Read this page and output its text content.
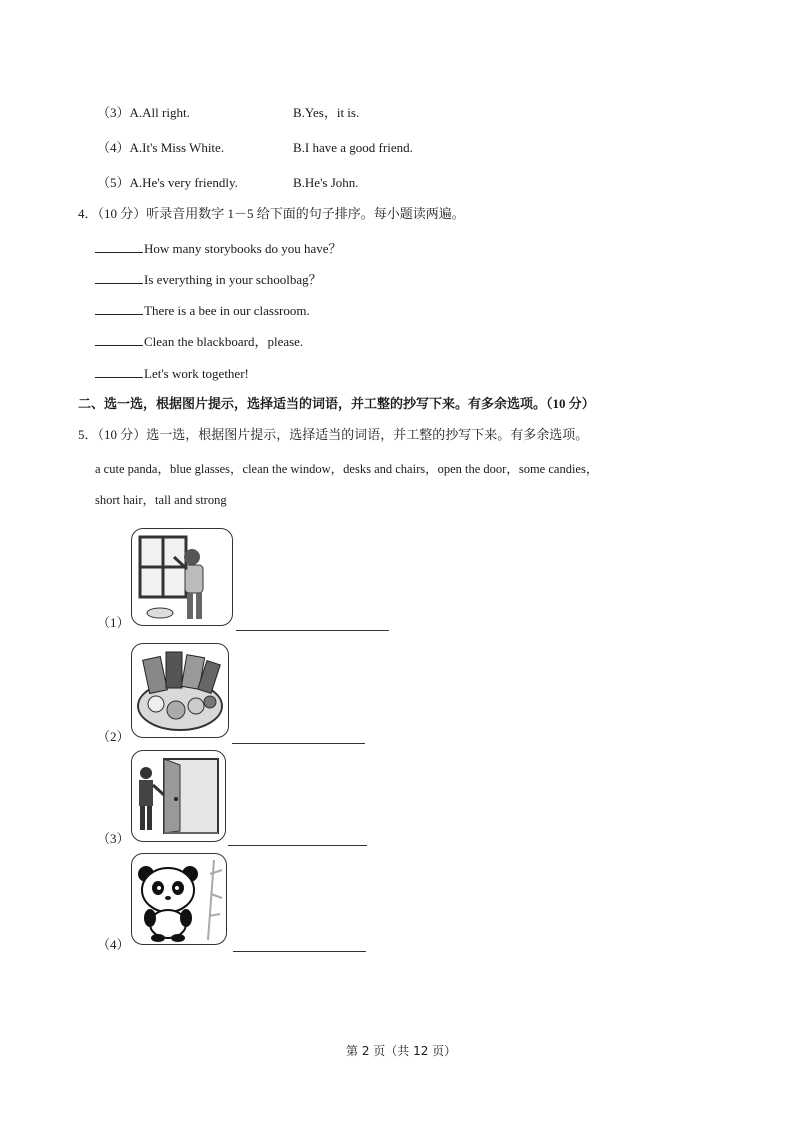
（3）A.All right.	B.Yes，it is.
（4）A.It's Miss White.	B.I have a good friend.
（5）A.He's very friendly.	B.He's John.
4．（10 分）听录音用数字 1－5 给下面的句子排序。每小题读两遍。
How many storybooks do you have？
Is everything in your schoolbag？
There is a bee in our classroom.
Clean the blackboard，please.
Let's work together!
二、选一选，根据图片提示，选择适当的词语，并工整的抄写下来。有多余选项。（10 分）
5．（10 分）选一选，根据图片提示，选择适当的词语，并工整的抄写下来。有多余选项。
a cute panda，blue glasses，clean the window，desks and chairs，open the door，some candies，
short hair，tall and strong
（1）
（2）
（3）
（4）
第 2 页（共 12 页）
